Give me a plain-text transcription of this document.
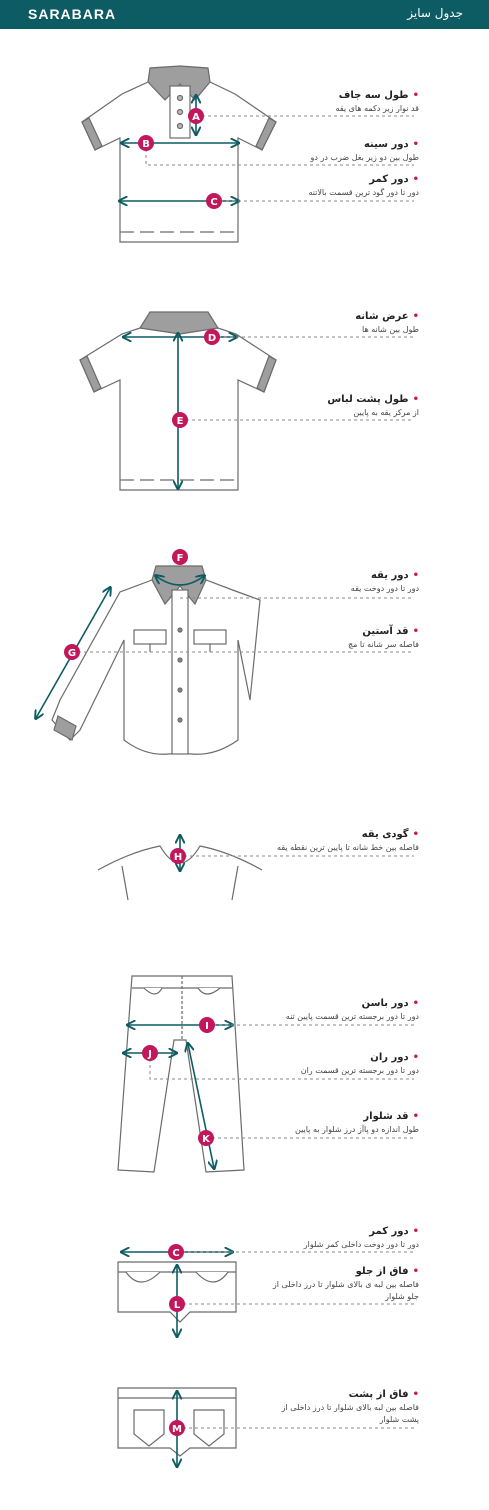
SARABARA	جدول سایز
A
B
C
D
E
F
G
H
I
J
K
C
L
M
•طول سه جاف
قد نوار زیر دکمه های یقه
•دور سینه
طول بین دو زیر بغل ضرب در دو
•دور کمر
دور تا دور گود ترین قسمت بالاتنه
•عرض شانه
طول بین شانه ها
•طول پشت لباس
از مرکز یقه به پایین
•دور یقه
دور تا دور دوخت یقه
•قد آستین
فاصله سر شانه تا مچ
•گودی یقه
فاصله بین خط شانه تا پایین ترین نقطه یقه
•دور باسن
دور تا دور برجسته ترین قسمت پایین تنه
•دور ران
دور تا دور برجسته ترین قسمت ران
•قد شلوار
طول اندازه دو پاآز درز شلوار به پایین
•دور کمر
دور تا دور دوخت داخلی کمر شلوار
•فاق از جلو
فاصله بین لبه ی بالای شلوار تا درز داخلی از جلو شلوار
•فاق از پشت
فاصله بین لبه بالای شلوار تا درز داخلی از پشت شلوار
